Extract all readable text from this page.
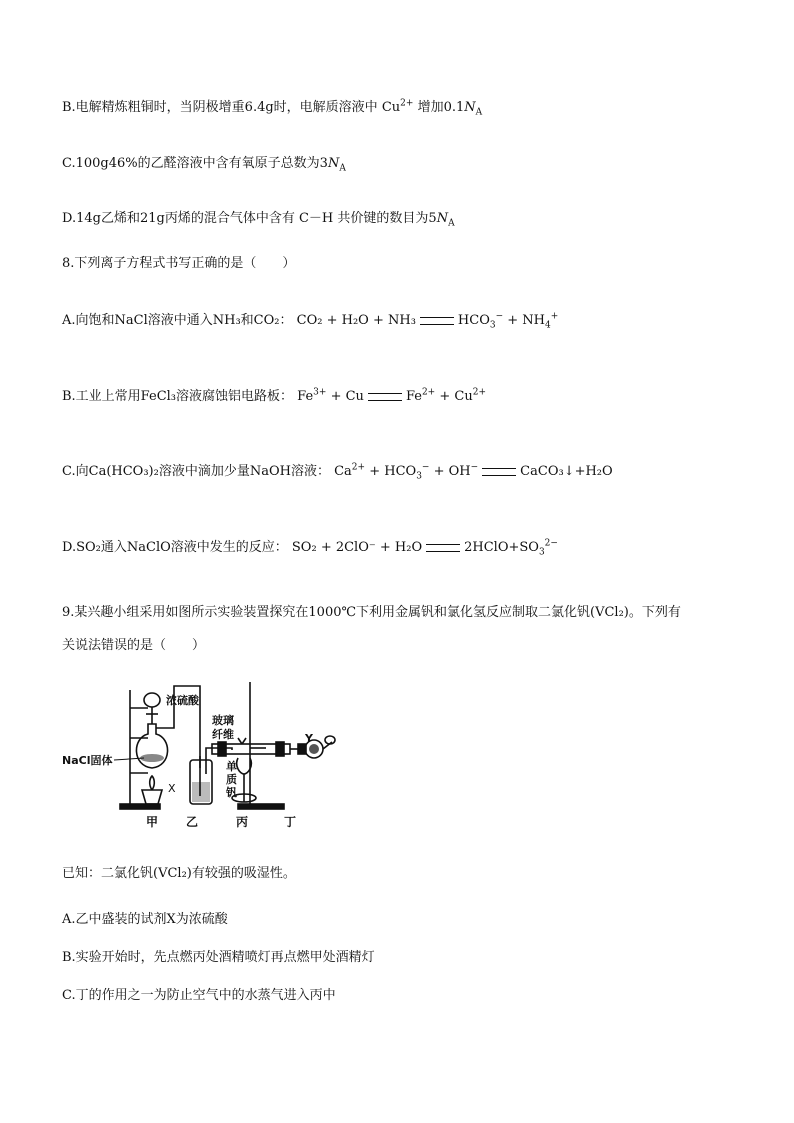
B.电解精炼粗铜时，当阴极增重6.4g时，电解质溶液中 $Cu^{2+}$ 增加$0.1N_A$
C.100g46%的乙醛溶液中含有氧原子总数为$3N_A$
D.14g乙烯和21g丙烯的混合气体中含有 C－H 共价键的数目为$5N_A$
8.下列离子方程式书写正确的是（　　）
A.向饱和NaCl溶液中通入NH₃和CO₂： CO₂ + H₂O + NH₃	$HCO_3^- + NH_4^+$
B.工业上常用FeCl₃溶液腐蚀铝电路板： $Fe^{3+} + Cu$	$Fe^{2+} + Cu^{2+}$
C.向Ca(HCO₃)₂溶液中滴加少量NaOH溶液： $Ca^{2+} + HCO_3^- + OH^-$	CaCO₃↓+H₂O
D.SO₂通入NaClO溶液中发生的反应： SO₂ + 2ClO⁻ + H₂O	$2HClO+SO_3^{2-}$
9.某兴趣小组采用如图所示实验装置探究在1000℃下利用金属钒和氯化氢反应制取二氯化钒(VCl₂)。下列有
关说法错误的是（　　）
浓硫酸
NaCl固体
玻璃
纤维
单
质
钒
X
Y
甲 乙	丙	丁
已知：二氯化钒(VCl₂)有较强的吸湿性。
A.乙中盛装的试剂X为浓硫酸
B.实验开始时，先点燃丙处酒精喷灯再点燃甲处酒精灯
C.丁的作用之一为防止空气中的水蒸气进入丙中
